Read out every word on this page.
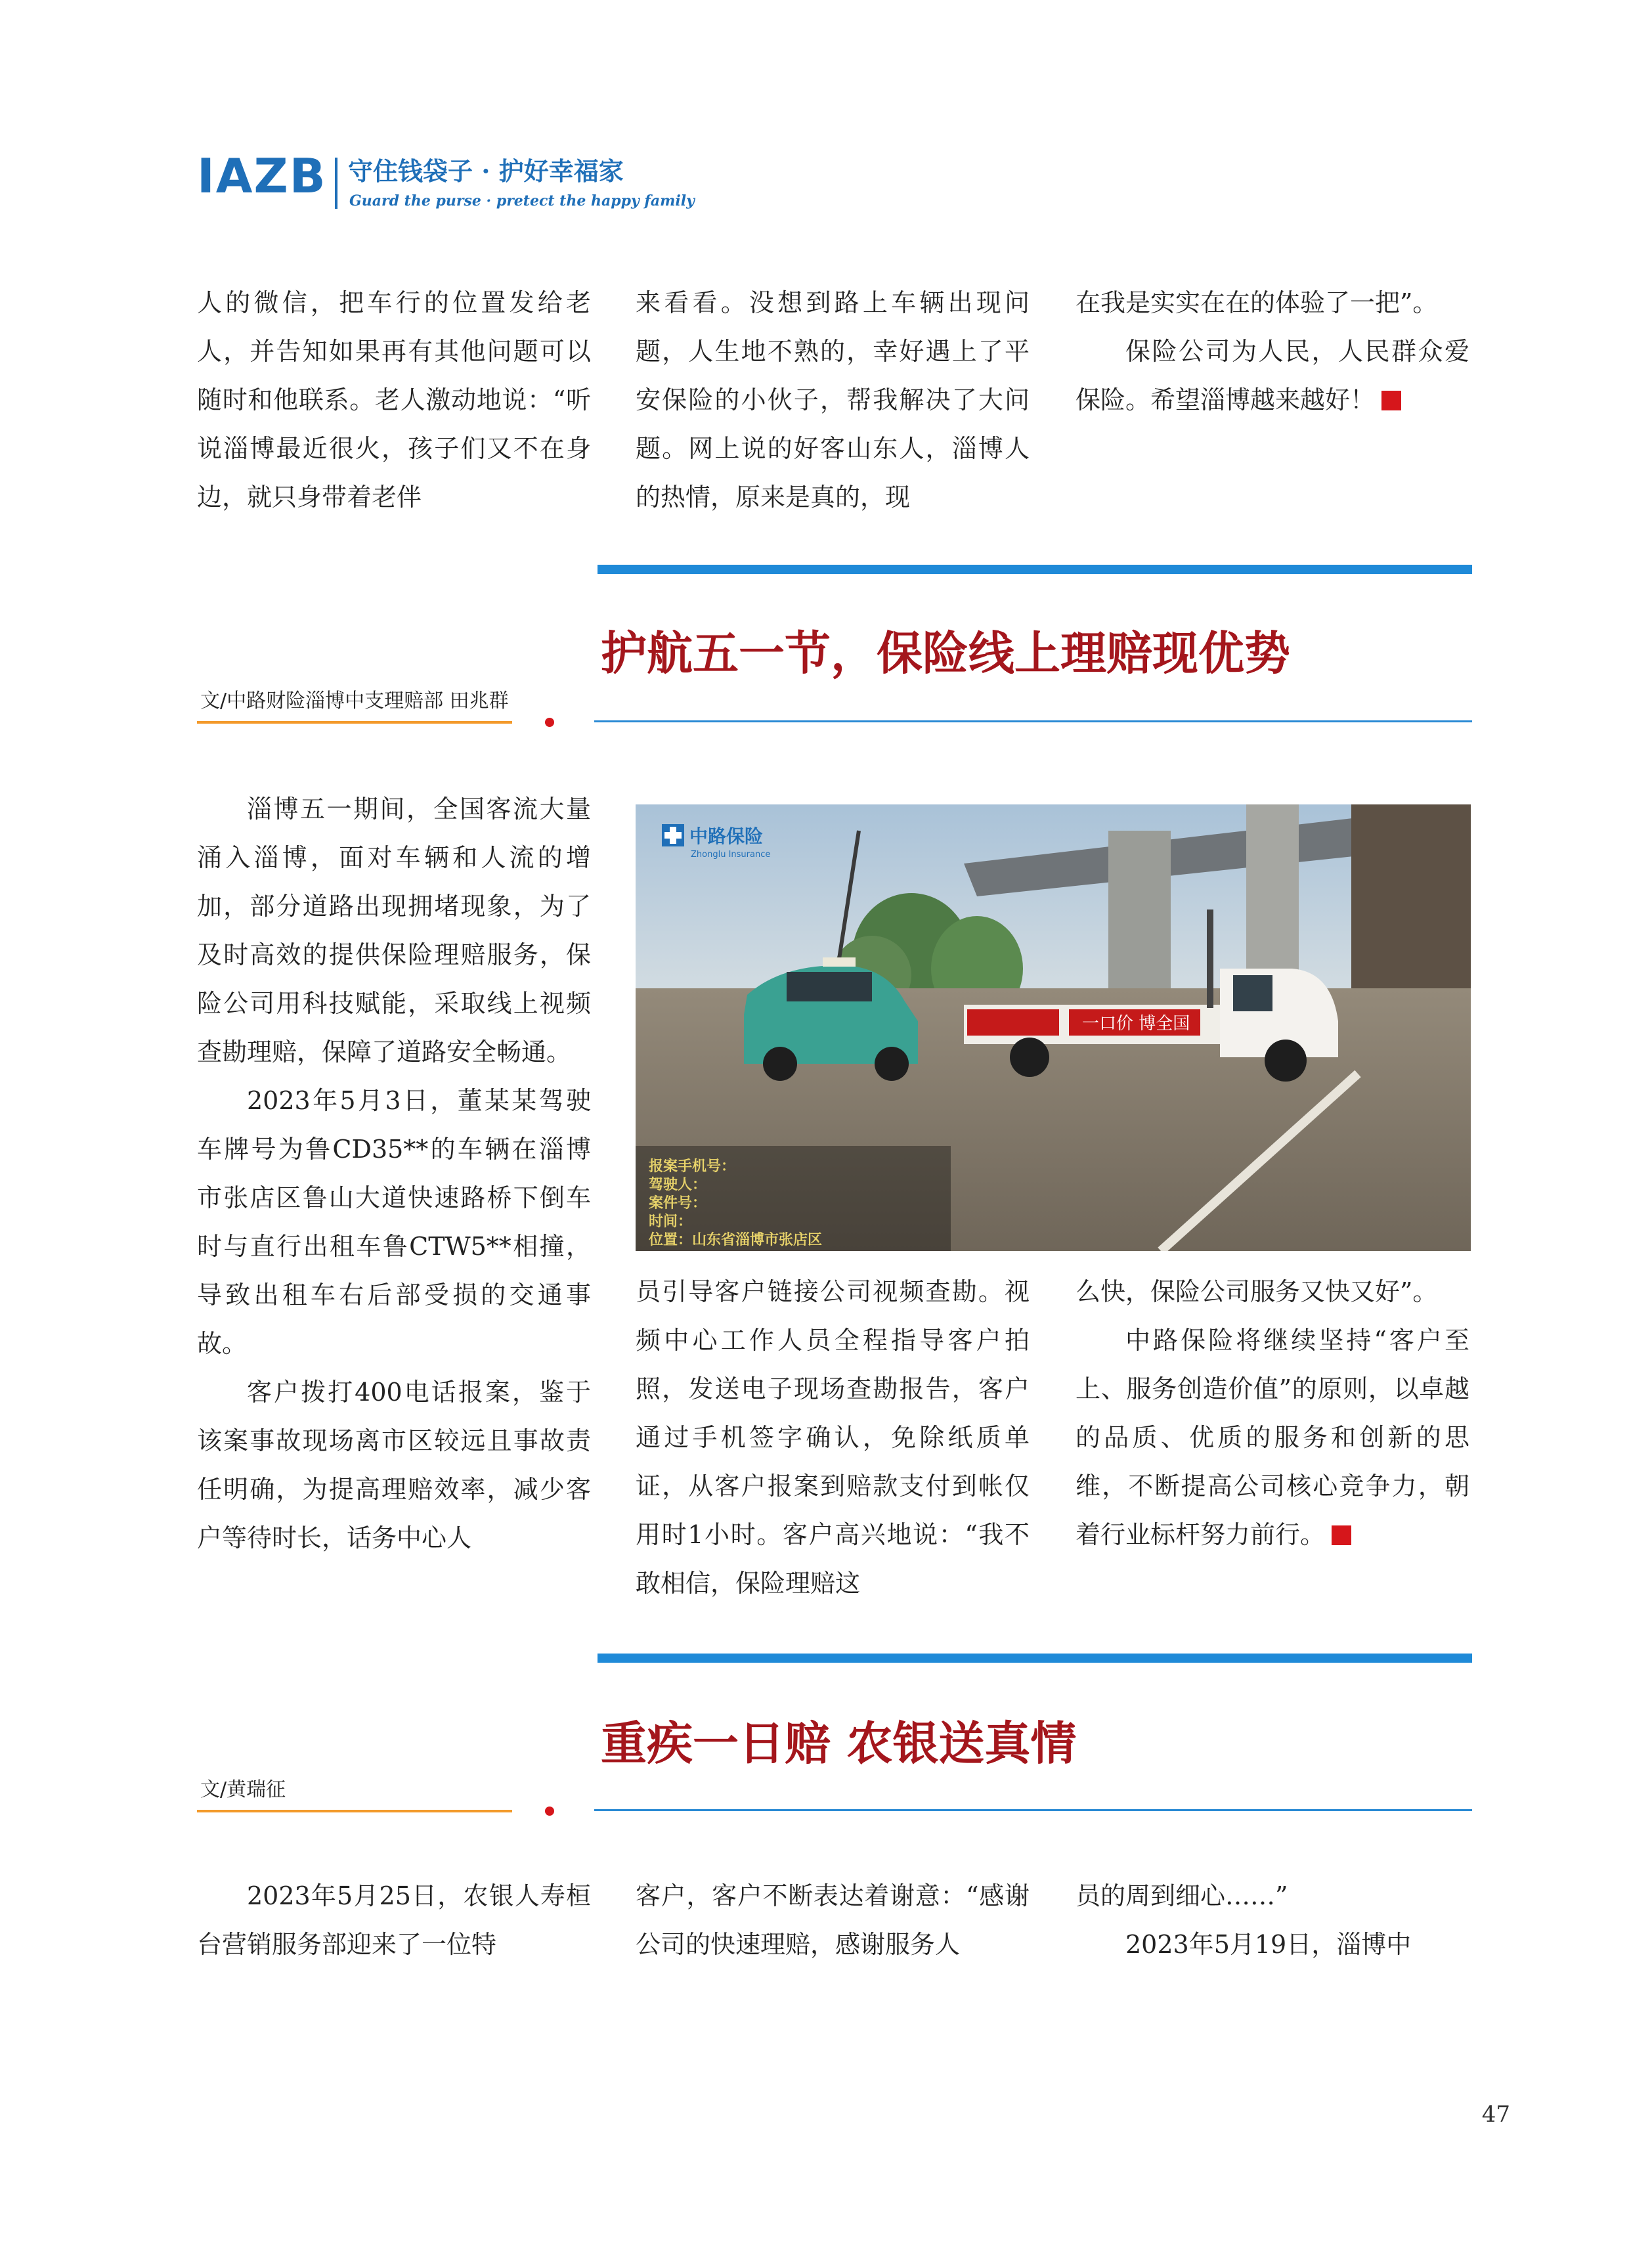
IAZB 守住钱袋子 · 护好幸福家
Guard the purse · pretect the happy family

人的微信，把车行的位置发给老人，并告知如果再有其他问题可以随时和他联系。老人激动地说：“听说淄博最近很火，孩子们又不在身边，就只身带着老伴

来看看。没想到路上车辆出现问题，人生地不熟的，幸好遇上了平安保险的小伙子，帮我解决了大问题。网上说的好客山东人，淄博人的热情，原来是真的，现

在我是实实在在的体验了一把”。

保险公司为人民，人民群众爱保险。希望淄博越来越好！

护航五一节，保险线上理赔现优势
文/中路财险淄博中支理赔部 田兆群

淄博五一期间，全国客流大量涌入淄博，面对车辆和人流的增加，部分道路出现拥堵现象，为了及时高效的提供保险理赔服务，保险公司用科技赋能，采取线上视频查勘理赔，保障了道路安全畅通。

2023年5月3日，董某某驾驶车牌号为鲁CD35**的车辆在淄博市张店区鲁山大道快速路桥下倒车时与直行出租车鲁CTW5**相撞，导致出租车右后部受损的交通事故。

客户拨打400电话报案，鉴于该案事故现场离市区较远且事故责任明确，为提高理赔效率，减少客户等待时长，话务中心人

一口价 博全国
报案手机号：
驾驶人：
案件号：
时间：
位置：山东省淄博市张店区
中路保险
Zhonglu Insurance

员引导客户链接公司视频查勘。视频中心工作人员全程指导客户拍照，发送电子现场查勘报告，客户通过手机签字确认，免除纸质单证，从客户报案到赔款支付到帐仅用时1小时。客户高兴地说：“我不敢相信，保险理赔这

么快，保险公司服务又快又好”。

中路保险将继续坚持“客户至上、服务创造价值”的原则，以卓越的品质、优质的服务和创新的思维，不断提高公司核心竞争力，朝着行业标杆努力前行。

重疾一日赔 农银送真情
文/黄瑞征

2023年5月25日，农银人寿桓台营销服务部迎来了一位特

客户，客户不断表达着谢意：“感谢公司的快速理赔，感谢服务人

员的周到细心……”

2023年5月19日，淄博中

47
